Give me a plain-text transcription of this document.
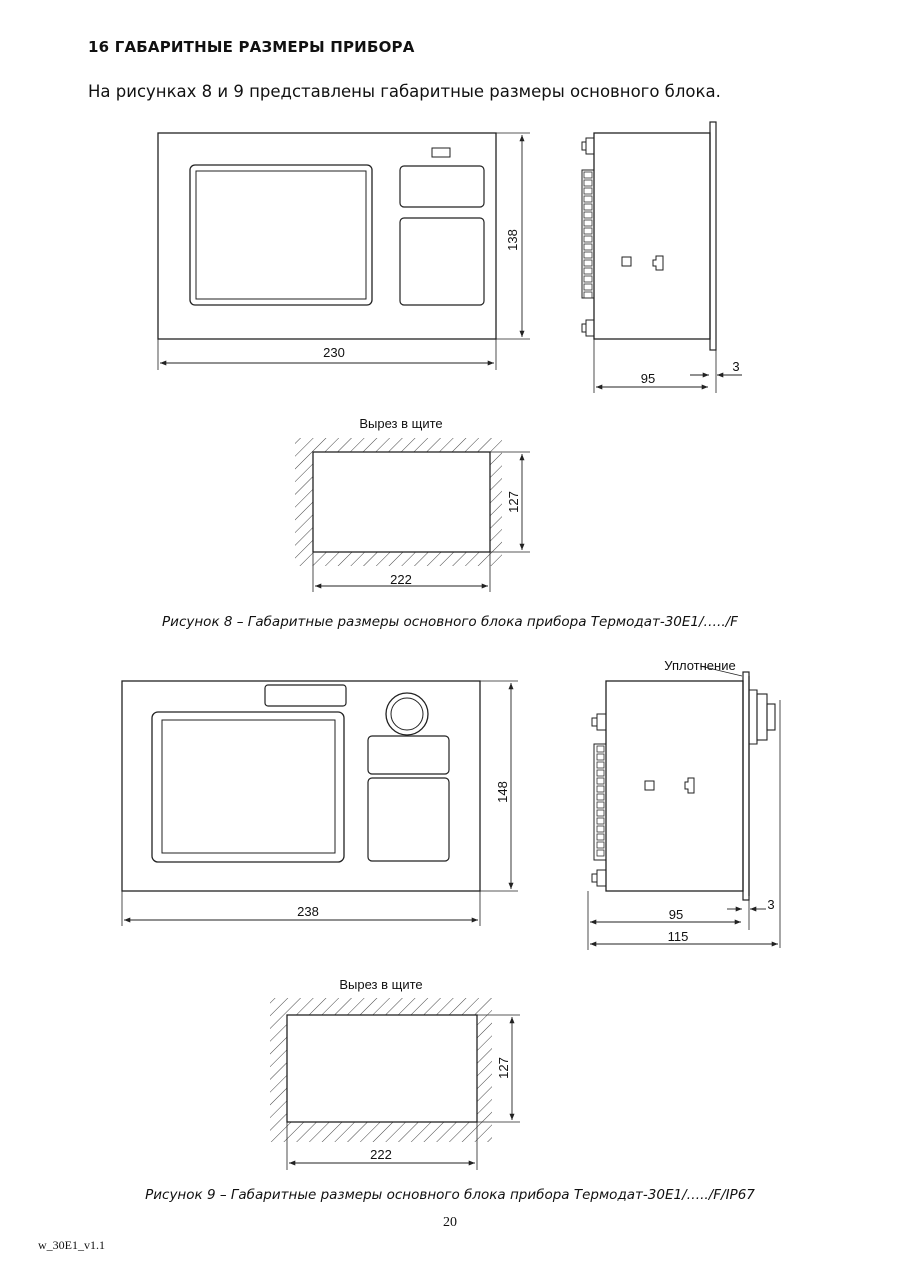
16 ГАБАРИТНЫЕ РАЗМЕРЫ ПРИБОРА
На рисунках 8 и 9 представлены габаритные размеры основного блока.
230
138
95
3
Вырез в щите
222
127
238
148
Уплотнение
95
3
115
Вырез в щите
222
127
Рисунок 8 – Габаритные размеры основного блока прибора Термодат-30Е1/…../F
Рисунок 9 – Габаритные размеры основного блока прибора Термодат-30Е1/…../F/IP67
20
w_30E1_v1.1
